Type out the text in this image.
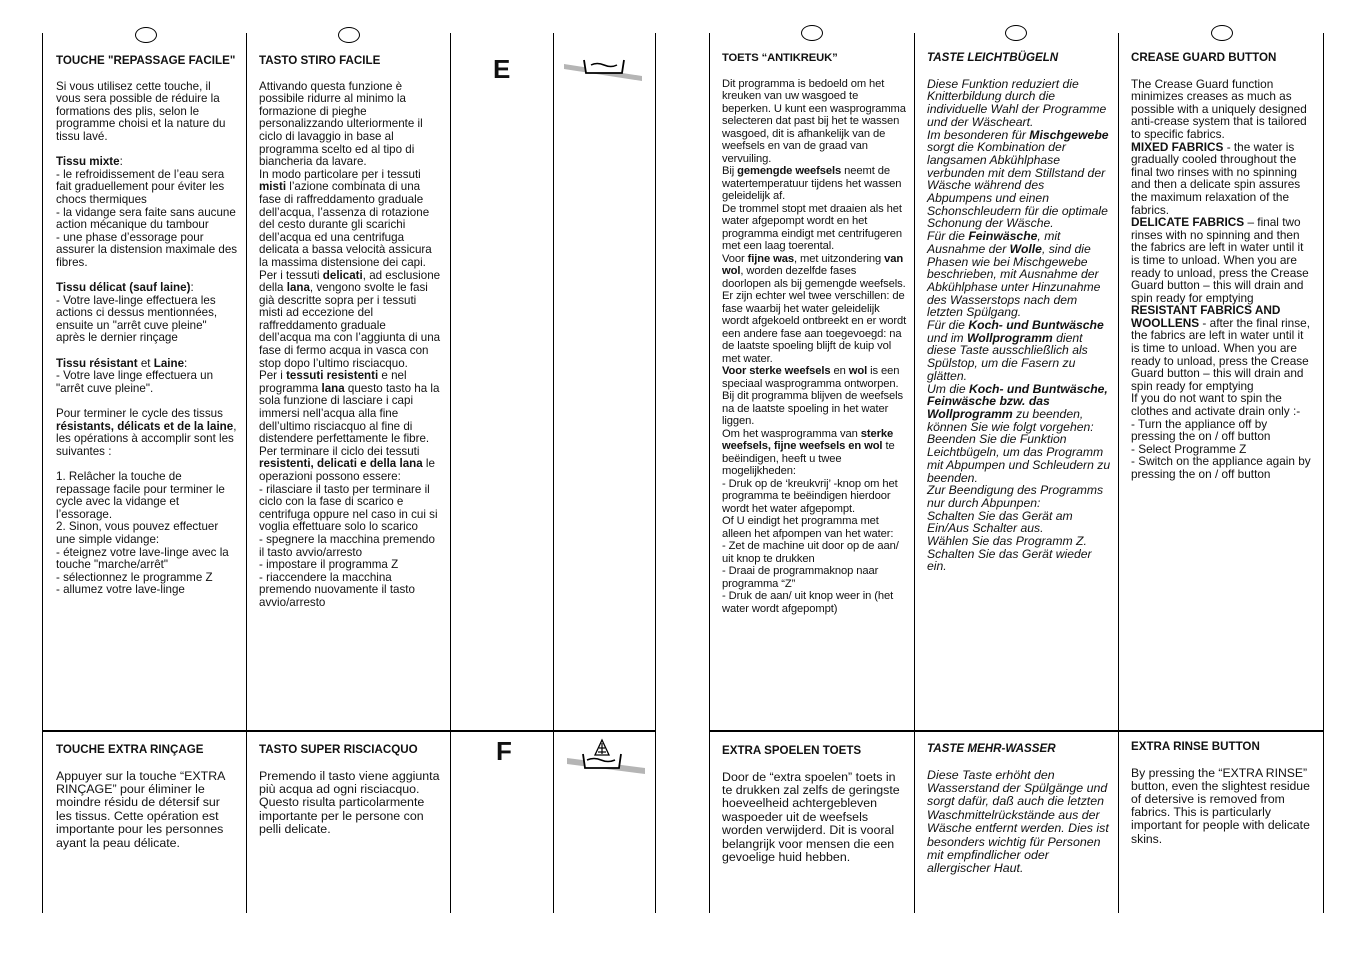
TOUCHE "REPASSAGE FACILE"

Si vous utilisez cette touche, il vous sera possible de réduire la formations des plis, selon le programme choisi et la nature du tissu lavé.

Tissu mixte:

- le refroidissement de l’eau sera fait graduellement pour éviter les chocs thermiques
- la vidange sera faite sans aucune action mécanique du tambour
- une phase d’essorage pour assurer la distension maximale des fibres.

Tissu délicat (sauf laine):

- Votre lave-linge effectuera les actions ci dessus mentionnées, ensuite un "arrêt cuve pleine" après le dernier rinçage

Tissu résistant et Laine:

- Votre lave linge effectuera un "arrêt cuve pleine".

Pour terminer le cycle des tissus résistants, délicats et de la laine, les opérations à accomplir sont les suivantes :

1. Relâcher la touche de repassage facile pour terminer le cycle avec la vidange et l’essorage.
2. Sinon, vous pouvez effectuer une simple vidange:
- éteignez votre lave-linge avec la touche "marche/arrêt"
- sélectionnez le programme Z
- allumez votre lave-linge

TASTO STIRO FACILE
Attivando questa funzione è possibile ridurre al minimo la formazione di pieghe personalizzando ulteriormente il ciclo di lavaggio in base al programma scelto ed al tipo di biancheria da lavare.
In modo particolare per i tessuti misti l’azione combinata di una fase di raffreddamento graduale dell’acqua, l’assenza di rotazione del cesto durante gli scarichi dell’acqua ed una centrifuga delicata a bassa velocità assicura la massima distensione dei capi.
Per i tessuti delicati, ad esclusione della lana, vengono svolte le fasi già descritte sopra per i tessuti misti ad eccezione del raffreddamento graduale dell’acqua ma con l’aggiunta di una fase di fermo acqua in vasca con stop dopo l’ultimo risciacquo.
Per i tessuti resistenti e nel programma lana questo tasto ha la sola funzione di lasciare i capi immersi nell’acqua alla fine dell’ultimo risciacquo al fine di distendere perfettamente le fibre.
Per terminare il ciclo dei tessuti resistenti, delicati e della lana le operazioni possono essere:
- rilasciare il tasto per terminare il ciclo con la fase di scarico e centrifuga oppure nel caso in cui si voglia effettuare solo lo scarico
- spegnere la macchina premendo il tasto avvio/arresto
- impostare il programma Z
- riaccendere la macchina premendo nuovamente il tasto avvio/arresto
E
F
TOUCHE EXTRA RINÇAGE

Appuyer sur la touche “EXTRA RINÇAGE” pour éliminer le moindre résidu de détersif sur les tissus. Cette opération est importante pour les personnes ayant la peau délicate.

TASTO SUPER RISCIACQUO

Premendo il tasto viene aggiunta più acqua ad ogni risciacquo.
Questo risulta particolarmente importante per le persone con pelli delicate.

TOETS “ANTIKREUK”
Dit programma is bedoeld om het kreuken van uw wasgoed te beperken. U kunt een wasprogramma selecteren dat past bij het te wassen wasgoed, dit is afhankelijk van de weefsels en van de graad van vervuiling.
Bij gemengde weefsels neemt de watertemperatuur tijdens het wassen geleidelijk af.
De trommel stopt met draaien als het water afgepompt wordt en het programma eindigt met centrifugeren met een laag toerental.
Voor fijne was, met uitzondering van wol, worden dezelfde fases doorlopen als bij gemengde weefsels. Er zijn echter wel twee verschillen: de fase waarbij het water geleidelijk wordt afgekoeld ontbreekt en er wordt een andere fase aan toegevoegd: na de laatste spoeling blijft de kuip vol met water.
Voor sterke weefsels en wol is een speciaal wasprogramma ontworpen. Bij dit programma blijven de weefsels na de laatste spoeling in het water liggen.
Om het wasprogramma van sterke weefsels, fijne weefsels en wol te beëindigen, heeft u twee mogelijkheden:
- Druk op de ‘kreukvrij’ -knop om het programma te beëindigen hierdoor wordt het water afgepompt.
Of U eindigt het programma met alleen het afpompen van het water:
- Zet de machine uit door op de aan/ uit knop te drukken
- Draai de programmaknop naar programma “Z”
- Druk de aan/ uit knop weer in (het water wordt afgepompt)
TASTE LEICHTBÜGELN
Diese Funktion reduziert die Knitterbildung durch die individuelle Wahl der Programme und der Wäscheart.
Im besonderen für Mischgewebe sorgt die Kombination der langsamen Abkühlphase verbunden mit dem Stillstand der Wäsche während des Abpumpens und einen Schonschleudern für die optimale Schonung der Wäsche.
Für die Feinwäsche, mit Ausnahme der Wolle, sind die Phasen wie bei Mischgewebe beschrieben, mit Ausnahme der Abkühlphase unter Hinzunahme des Wasserstops nach dem letzten Spülgang.
Für die Koch- und Buntwäsche und im Wollprogramm dient diese Taste ausschließlich als Spülstop, um die Fasern zu glätten.
Um die Koch- und Buntwäsche, Feinwäsche bzw. das Wollprogramm zu beenden, können Sie wie folgt vorgehen:
Beenden Sie die Funktion Leichtbügeln, um das Programm mit Abpumpen und Schleudern zu beenden.
Zur Beendigung des Programms nur durch Abpunpen:
Schalten Sie das Gerät am Ein/Aus Schalter aus.
Wählen Sie das Programm Z.
Schalten Sie das Gerät wieder ein.
CREASE GUARD BUTTON
The Crease Guard function minimizes creases as much as possible with a uniquely designed anti-crease system that is tailored to specific fabrics.
MIXED FABRICS - the water is gradually cooled throughout the final two rinses with no spinning and then a delicate spin assures the maximum relaxation of the fabrics.
DELICATE FABRICS – final two rinses with no spinning and then the fabrics are left in water until it is time to unload. When you are ready to unload, press the Crease Guard button – this will drain and spin ready for emptying
RESISTANT FABRICS AND WOOLLENS - after the final rinse, the fabrics are left in water until it is time to unload. When you are ready to unload, press the Crease Guard button – this will drain and spin ready for emptying
If you do not want to spin the clothes and activate drain only :-
- Turn the appliance off by pressing the on / off button
- Select Programme Z
- Switch on the appliance again by pressing the on / off button
EXTRA SPOELEN TOETS

Door de “extra spoelen” toets in te drukken zal zelfs de geringste hoeveelheid achtergebleven waspoeder uit de weefsels worden verwijderd. Dit is vooral belangrijk voor mensen die een gevoelige huid hebben.

TASTE MEHR-WASSER

Diese Taste erhöht den Wasserstand der Spülgänge und sorgt dafür, daß auch die letzten Waschmittelrückstände aus der Wäsche entfernt werden. Dies ist besonders wichtig für Personen mit empfindlicher oder allergischer Haut.

EXTRA RINSE BUTTON

By pressing the “EXTRA RINSE” button, even the slightest residue of detersive is removed from fabrics. This is particularly important for people with delicate skins.
